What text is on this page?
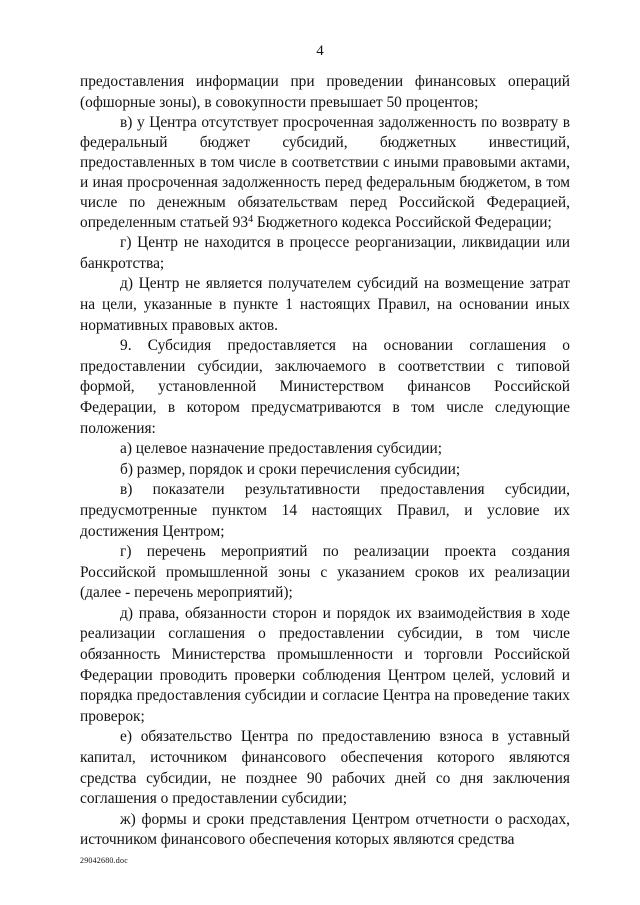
4

предоставления информации при проведении финансовых операций (офшорные зоны), в совокупности превышает 50 процентов;

в) у Центра отсутствует просроченная задолженность по возврату в федеральный бюджет субсидий, бюджетных инвестиций, предоставленных в том числе в соответствии с иными правовыми актами, и иная просроченная задолженность перед федеральным бюджетом, в том числе по денежным обязательствам перед Российской Федерацией, определенным статьей $93^4$ Бюджетного кодекса Российской Федерации;

г) Центр не находится в процессе реорганизации, ликвидации или банкротства;

д) Центр не является получателем субсидий на возмещение затрат на цели, указанные в пункте 1 настоящих Правил, на основании иных нормативных правовых актов.

9. Субсидия предоставляется на основании соглашения о предоставлении субсидии, заключаемого в соответствии с типовой формой, установленной Министерством финансов Российской Федерации, в котором предусматриваются в том числе следующие положения:

а) целевое назначение предоставления субсидии;

б) размер, порядок и сроки перечисления субсидии;

в) показатели результативности предоставления субсидии, предусмотренные пунктом 14 настоящих Правил, и условие их достижения Центром;

г) перечень мероприятий по реализации проекта создания Российской промышленной зоны с указанием сроков их реализации (далее - перечень мероприятий);

д) права, обязанности сторон и порядок их взаимодействия в ходе реализации соглашения о предоставлении субсидии, в том числе обязанность Министерства промышленности и торговли Российской Федерации проводить проверки соблюдения Центром целей, условий и порядка предоставления субсидии и согласие Центра на проведение таких проверок;

е) обязательство Центра по предоставлению взноса в уставный капитал, источником финансового обеспечения которого являются средства субсидии, не позднее 90 рабочих дней со дня заключения соглашения о предоставлении субсидии;

ж) формы и сроки представления Центром отчетности о расходах, источником финансового обеспечения которых являются средства

29042680.doc
